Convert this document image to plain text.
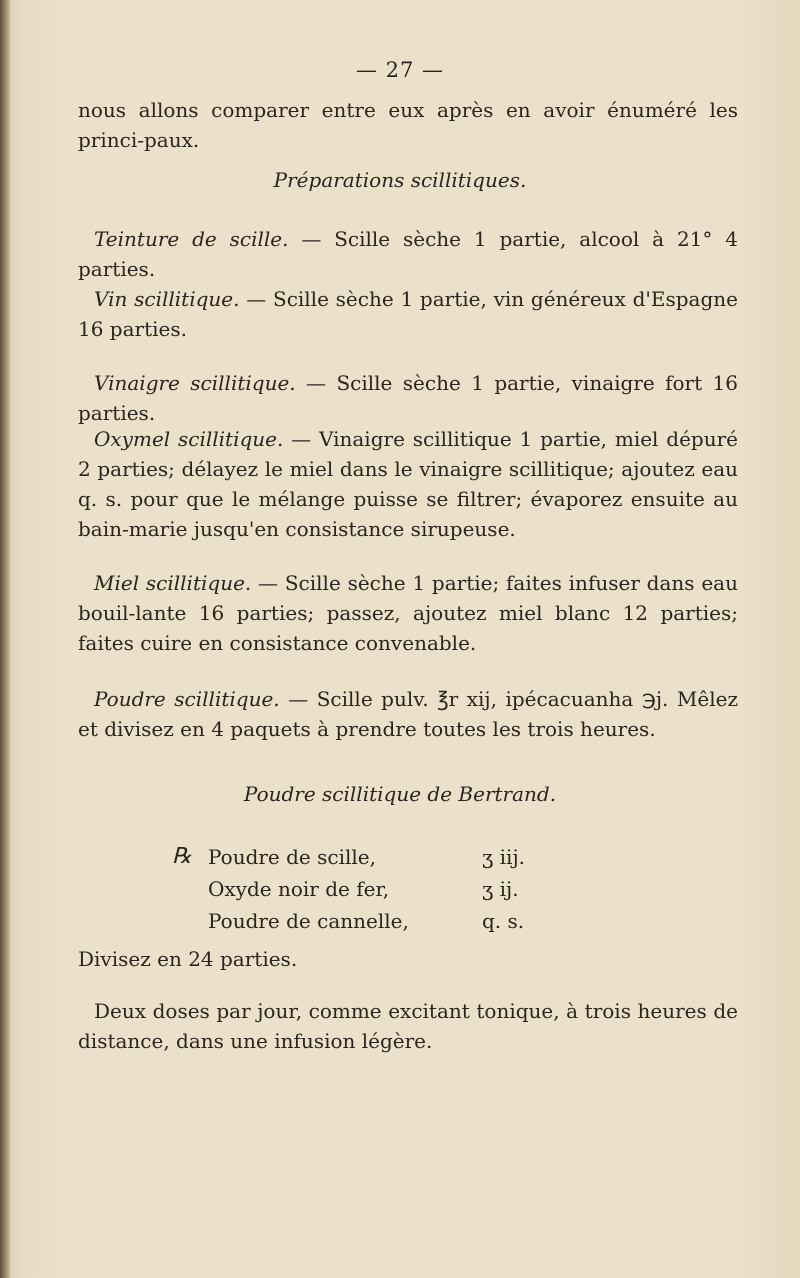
— 27 —

nous allons comparer entre eux après en avoir énuméré les princi-paux.

Préparations scillitiques.

Teinture de scille. — Scille sèche 1 partie, alcool à 21° 4 parties.

Vin scillitique. — Scille sèche 1 partie, vin généreux d'Espagne 16 parties.

Vinaigre scillitique. — Scille sèche 1 partie, vinaigre fort 16 parties.

Oxymel scillitique. — Vinaigre scillitique 1 partie, miel dépuré 2 parties; délayez le miel dans le vinaigre scillitique; ajoutez eau q. s. pour que le mélange puisse se filtrer; évaporez ensuite au bain-marie jusqu'en consistance sirupeuse.

Miel scillitique. — Scille sèche 1 partie; faites infuser dans eau bouil-lante 16 parties; passez, ajoutez miel blanc 12 parties; faites cuire en consistance convenable.

Poudre scillitique. — Scille pulv. ℥r xij, ipécacuanha ℈j. Mêlez et divisez en 4 paquets à prendre toutes les trois heures.

Poudre scillitique de Bertrand.

℞ Poudre de scille,	ʒ iij.
Oxyde noir de fer,	ʒ ij.
Poudre de cannelle,	q. s.

Divisez en 24 parties.

Deux doses par jour, comme excitant tonique, à trois heures de distance, dans une infusion légère.
